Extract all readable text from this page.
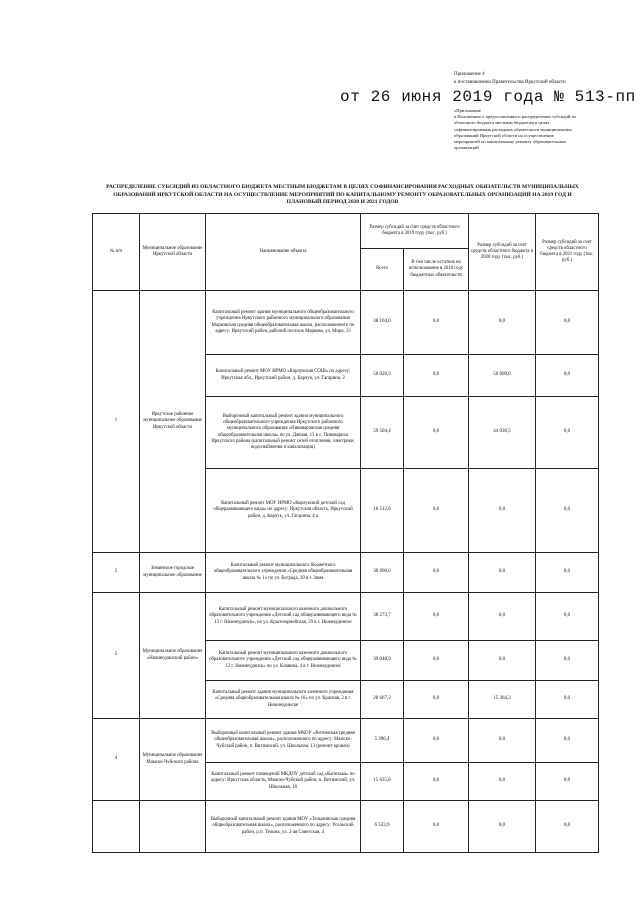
Приложение 4
к постановлению Правительства Иркутской области
от 26 июня 2019 года № 513-пп
«Приложение
к Положению о предоставлении и распределении субсидий из
областного бюджета местным бюджетам в целях
софинансирования расходных обязательств муниципальных
образований Иркутской области на осуществление
мероприятий по капитальному ремонту образовательных
организаций
РАСПРЕДЕЛЕНИЕ СУБСИДИЙ ИЗ ОБЛАСТНОГО БЮДЖЕТА МЕСТНЫМ БЮДЖЕТАМ В ЦЕЛЯХ СОФИНАНСИРОВАНИЯ РАСХОДНЫХ ОБЯЗАТЕЛЬСТВ МУНИЦИПАЛЬНЫХ
ОБРАЗОВАНИЙ ИРКУТСКОЙ ОБЛАСТИ НА ОСУЩЕСТВЛЕНИЕ МЕРОПРИЯТИЙ ПО КАПИТАЛЬНОМУ РЕМОНТУ ОБРАЗОВАТЕЛЬНЫХ ОРГАНИЗАЦИЙ НА 2019 ГОД И
ПЛАНОВЫЙ ПЕРИОД 2020 И 2021 ГОДОВ
№ п/п	Муниципальное образование Иркутской области	Наименование объекта	Размер субсидий за счет средств областного бюджета в 2019 году (тыс. руб.)		Размер субсидий за счет средств областного бюджета в 2020 году (тыс. руб.)	Размер субсидий за счет средств областного бюджета в 2021 году (тыс. руб.)
			Всего	В том числе остатков на использование в 2018 году бюджетных обязательств		
1	Иркутское районное муниципальное образование Иркутской области	Капитальный ремонт здания муниципального общеобразовательного учреждения Иркутского районного муниципального образования Марковская средняя общеобразовательная школа, расположенного по адресу: Иркутский район, рабочий поселок Маркова, ул. Мира, 13	38 104,0	0,0	0,0	0,0
		Капитальный ремонт МОУ ИРМО «Карлукская СОШ» по адресу: Иркутская обл., Иркутский район, д. Карлук, ул. Гагарина, 2	50 020,3	0,0	50 000,0	0,0
		Выборочный капитальный ремонт здания муниципального общеобразовательного учреждения Иркутского районного муниципального образования «Пивоваровская средняя общеобразовательная школа» по ул. Дачная, 13 в с. Пивовариха Иркутского района (капитальный ремонт сетей отопления, электрики, водоснабжения и канализации)	59 504,4	0,0	44 030,5	0,0
		Капитальный ремонт МОУ ИРМО «Карлукский детский сад общеразвивающего вида» по адресу: Иркутская область, Иркутский район, д. Карлук, ул. Гагарина, 4 а	10 512,6	0,0	0,0	0,0
2	Зиминское городское муниципальное образование	Капитальный ремонт муниципального бюджетного общеобразовательного учреждения «Средняя общеобразовательная школа № 1» по ул. Бограда, 39 в г. Зима	30 000,0	0,0	0,0	0,0
3	Муниципальное образование «Нижнеудинский район»	Капитальный ремонт муниципального казенного дошкольного образовательного учреждения «Детский сад общеразвивающего вида № 13 г. Нижнеудинск», по ул. Красноармейская, 29 в г. Нижнеудинске	38 273,7	0,0	0,0	0,0
		Капитальный ремонт муниципального казенного дошкольного образовательного учреждения «Детский сад общеразвивающего вида № 12 г. Нижнеудинск» по ул. Клавина, 4 в г. Нижнеудинске	39 048,9	0,0	0,0	0,0
		Капитальный ремонт здания муниципального казенного учреждения «Средняя общеобразовательная школа № 10» по ул. Красная, 2 в г. Нижнеудинске	28 667,3	0,0	15 364,3	0,0
4	Муниципальное образование Мамско-Чуйского района	Выборочный капитальный ремонт здания МКОУ «Витимская средняя общеобразовательная школа», расположенного по адресу: Мамско-Чуйский район, п. Витимский, ул. Школьная, 13 (ремонт кровли)	5 396,4	0,0	0,0	0,0
		Капитальный ремонт помещений МКДОУ детский сад «Капелька» по адресу: Иркутская область, Мамско-Чуйский район, п. Витимский, ул. Школьная, 18	15 635,8	0,0	0,0	0,0
		Выборочный капитальный ремонт здания МОУ «Тельминская средняя общеобразовательная школа», расположенного по адресу: Усольский район, р.п. Тельма, ул. 2-ая Советская, 4	6 533,9	0,0	0,0	0,0
